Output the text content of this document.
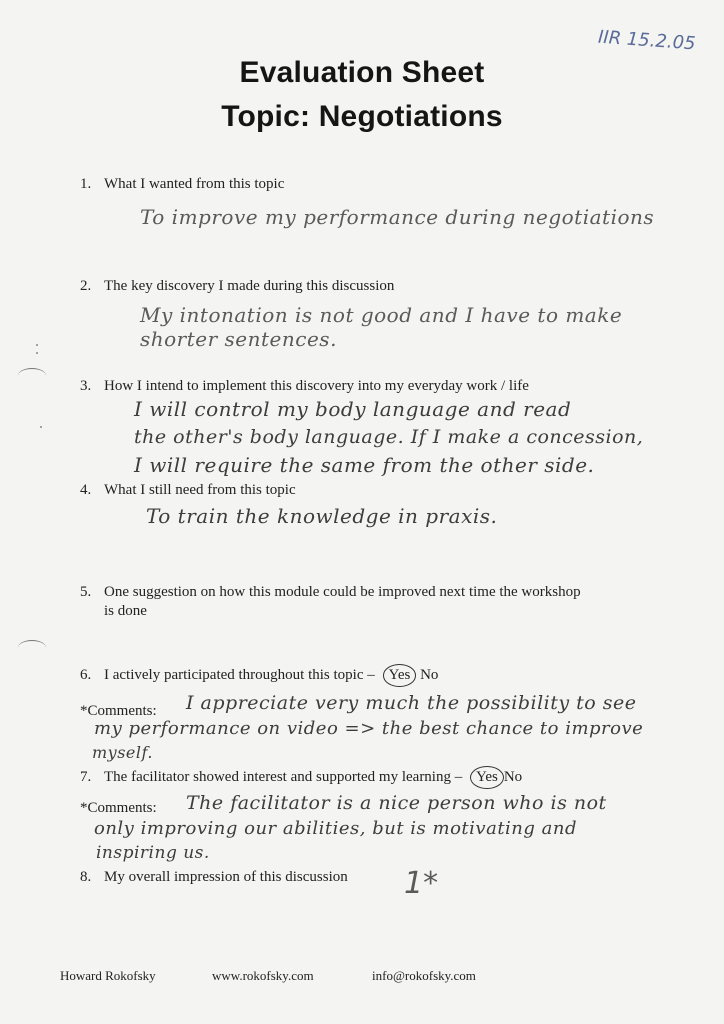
IIR 15.2.05
Evaluation Sheet
Topic: Negotiations
1. What I wanted from this topic
To improve my performance during negotiations
2. The key discovery I made during this discussion
My intonation is not good and I have to make
shorter sentences.
3. How I intend to implement this discovery into my everyday work / life
I will control my body language and read
the other's body language. If I make a concession,
I will require the same from the other side.
4. What I still need from this topic
To train the knowledge in praxis.
5. One suggestion on how this module could be improved next time the workshop
is done
6. I actively participated throughout this topic – Yes No
*Comments: I appreciate very much the possibility to see
my performance on video => the best chance to improve
myself.
7. The facilitator showed interest and supported my learning – Yes No
*Comments: The facilitator is a nice person who is not
only improving our abilities, but is motivating and
inspiring us.
8. My overall impression of this discussion 1*
Howard Rokofsky	www.rokofsky.com	info@rokofsky.com
